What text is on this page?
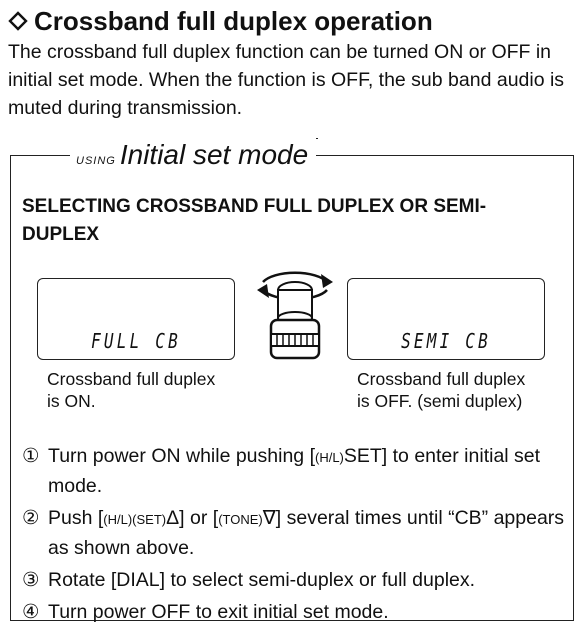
Crossband full duplex operation

The crossband full duplex function can be turned ON or OFF in initial set mode. When the function is OFF, the sub band audio is muted during transmission.

USING Initial set mode
SELECTING CROSSBAND FULL DUPLEX OR SEMI-DUPLEX
FULL CB	SEMI CB

Crossband full duplex
is ON.

Crossband full duplex
is OFF. (semi duplex)

① Turn power ON while pushing [(H/L)SET] to enter initial set mode.
② Push [(H/L)(SET)Δ] or [(TONE)∇] several times until “CB” appears as shown above.
③ Rotate [DIAL] to select semi-duplex or full duplex.
④ Turn power OFF to exit initial set mode.
